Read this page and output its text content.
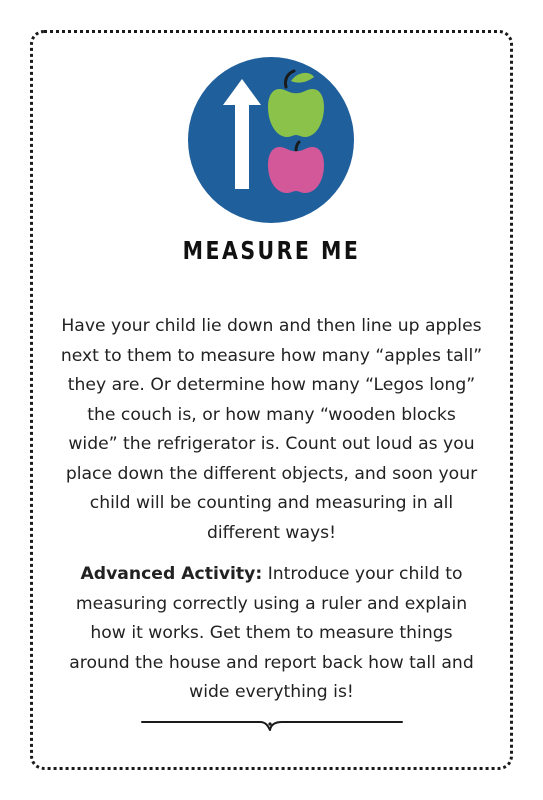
MEASURE ME

Have your child lie down and then line up apples next to them to measure how many “apples tall” they are. Or determine how many “Legos long” the couch is, or how many “wooden blocks wide” the refrigerator is. Count out loud as you place down the different objects, and soon your child will be counting and measuring in all different ways!

Advanced Activity: Introduce your child to measuring correctly using a ruler and explain how it works. Get them to measure things around the house and report back how tall and wide everything is!
